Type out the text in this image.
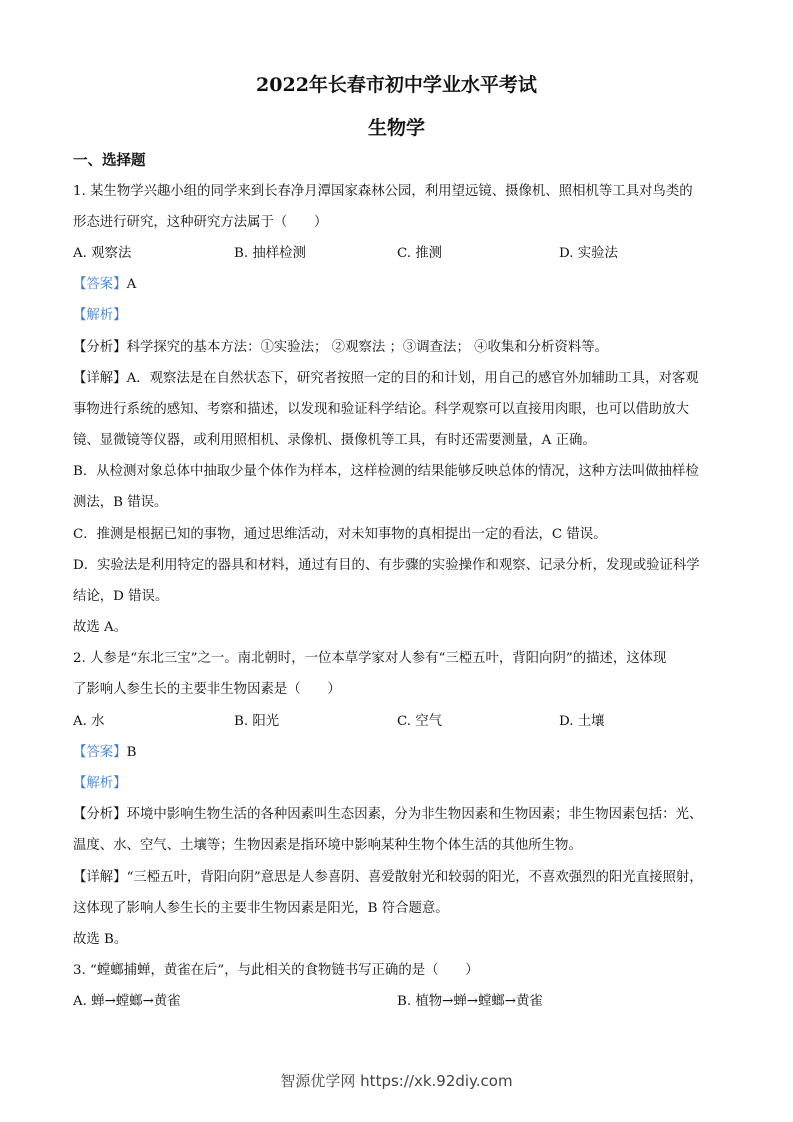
2022年长春市初中学业水平考试
生物学
一、选择题
1. 某生物学兴趣小组的同学来到长春净月潭国家森林公园，利用望远镜、摄像机、照相机等工具对鸟类的
形态进行研究，这种研究方法属于（　　）
A. 观察法	B. 抽样检测	C. 推测	D. 实验法
【答案】A
【解析】
【分析】科学探究的基本方法：①实验法； ②观察法 ；③调查法； ④收集和分析资料等。
【详解】A．观察法是在自然状态下，研究者按照一定的目的和计划，用自己的感官外加辅助工具，对客观
事物进行系统的感知、考察和描述，以发现和验证科学结论。科学观察可以直接用肉眼，也可以借助放大
镜、显微镜等仪器，或利用照相机、录像机、摄像机等工具，有时还需要测量，A 正确。
B．从检测对象总体中抽取少量个体作为样本，这样检测的结果能够反映总体的情况，这种方法叫做抽样检
测法，B 错误。
C．推测是根据已知的事物，通过思维活动，对未知事物的真相提出一定的看法，C 错误。
D．实验法是利用特定的器具和材料，通过有目的、有步骤的实验操作和观察、记录分析，发现或验证科学
结论，D 错误。
故选 A。
2. 人参是“东北三宝”之一。南北朝时，一位本草学家对人参有“三椏五叶，背阳向阴”的描述，这体现
了影响人参生长的主要非生物因素是（　　）
A. 水	B. 阳光	C. 空气	D. 土壤
【答案】B
【解析】
【分析】环境中影响生物生活的各种因素叫生态因素，分为非生物因素和生物因素；非生物因素包括：光、
温度、水、空气、土壤等；生物因素是指环境中影响某种生物个体生活的其他所生物。
【详解】“三椏五叶，背阳向阴”意思是人参喜阴、喜爱散射光和较弱的阳光，不喜欢强烈的阳光直接照射，
这体现了影响人参生长的主要非生物因素是阳光，B 符合题意。
故选 B。
3. “螳螂捕蝉，黄雀在后”，与此相关的食物链书写正确的是（　　）
A. 蝉→螳螂→黄雀	B. 植物→蝉→螳螂→黄雀
智源优学网 https://xk.92diy.com
